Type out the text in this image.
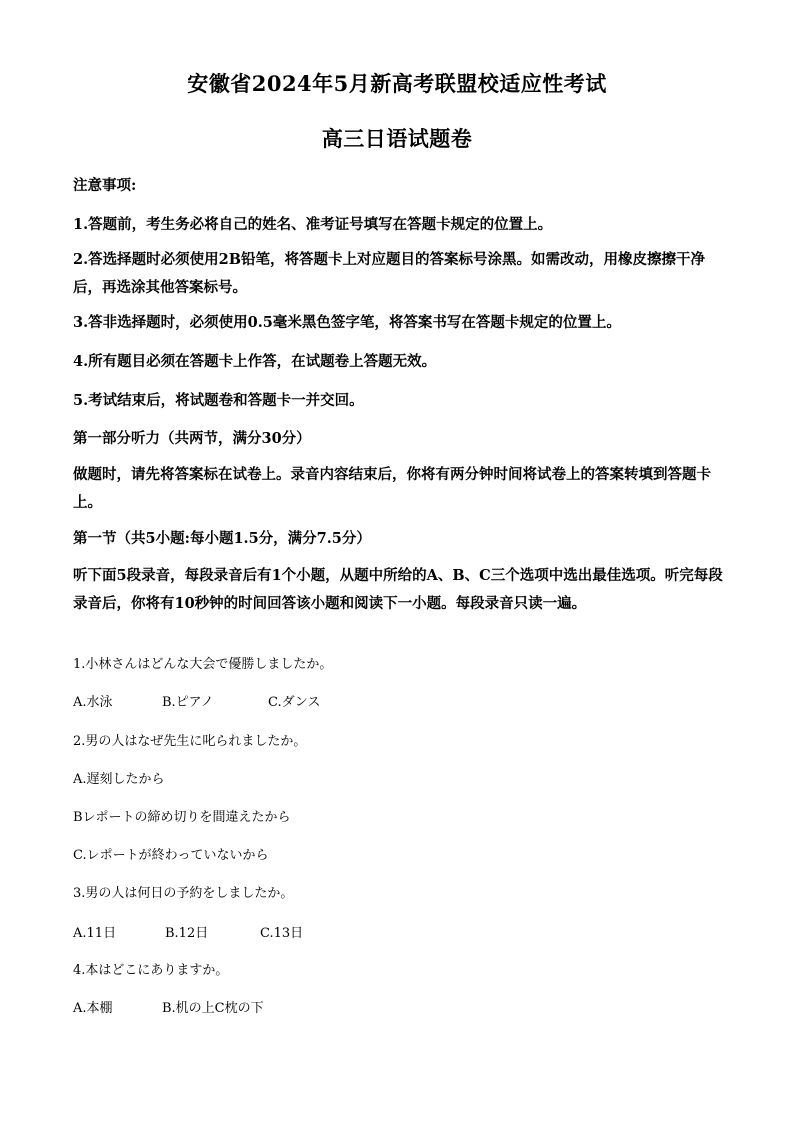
安徽省2024年5月新高考联盟校适应性考试
高三日语试题卷

注意事项:

1.答题前，考生务必将自己的姓名、准考证号填写在答题卡规定的位置上。

2.答选择题时必须使用2B铅笔，将答题卡上对应题目的答案标号涂黑。如需改动，用橡皮擦擦干净后，再选涂其他答案标号。

3.答非选择题时，必须使用0.5毫米黑色签字笔，将答案书写在答题卡规定的位置上。

4.所有题目必须在答题卡上作答，在试题卷上答题无效。

5.考试结束后，将试题卷和答题卡一并交回。

第一部分听力（共两节，满分30分）

做题时，请先将答案标在试卷上。录音内容结束后，你将有两分钟时间将试卷上的答案转填到答题卡上。

第一节（共5小题:每小题1.5分，满分7.5分）

听下面5段录音，每段录音后有1个小题，从题中所给的A、B、C三个选项中选出最佳选项。听完每段录音后，你将有10秒钟的时间回答该小题和阅读下一小题。每段录音只读一遍。

1.小林さんはどんな大会で優勝しましたか。

A.水泳	B.ピアノ	C.ダンス

2.男の人はなぜ先生に叱られましたか。

A.遅刻したから
Bレポートの締め切りを間違えたから
C.レポートが終わっていないから

3.男の人は何日の予約をしましたか。

A.11日	B.12日	C.13日

4.本はどこにありますか。

A.本棚	B.机の上C枕の下
